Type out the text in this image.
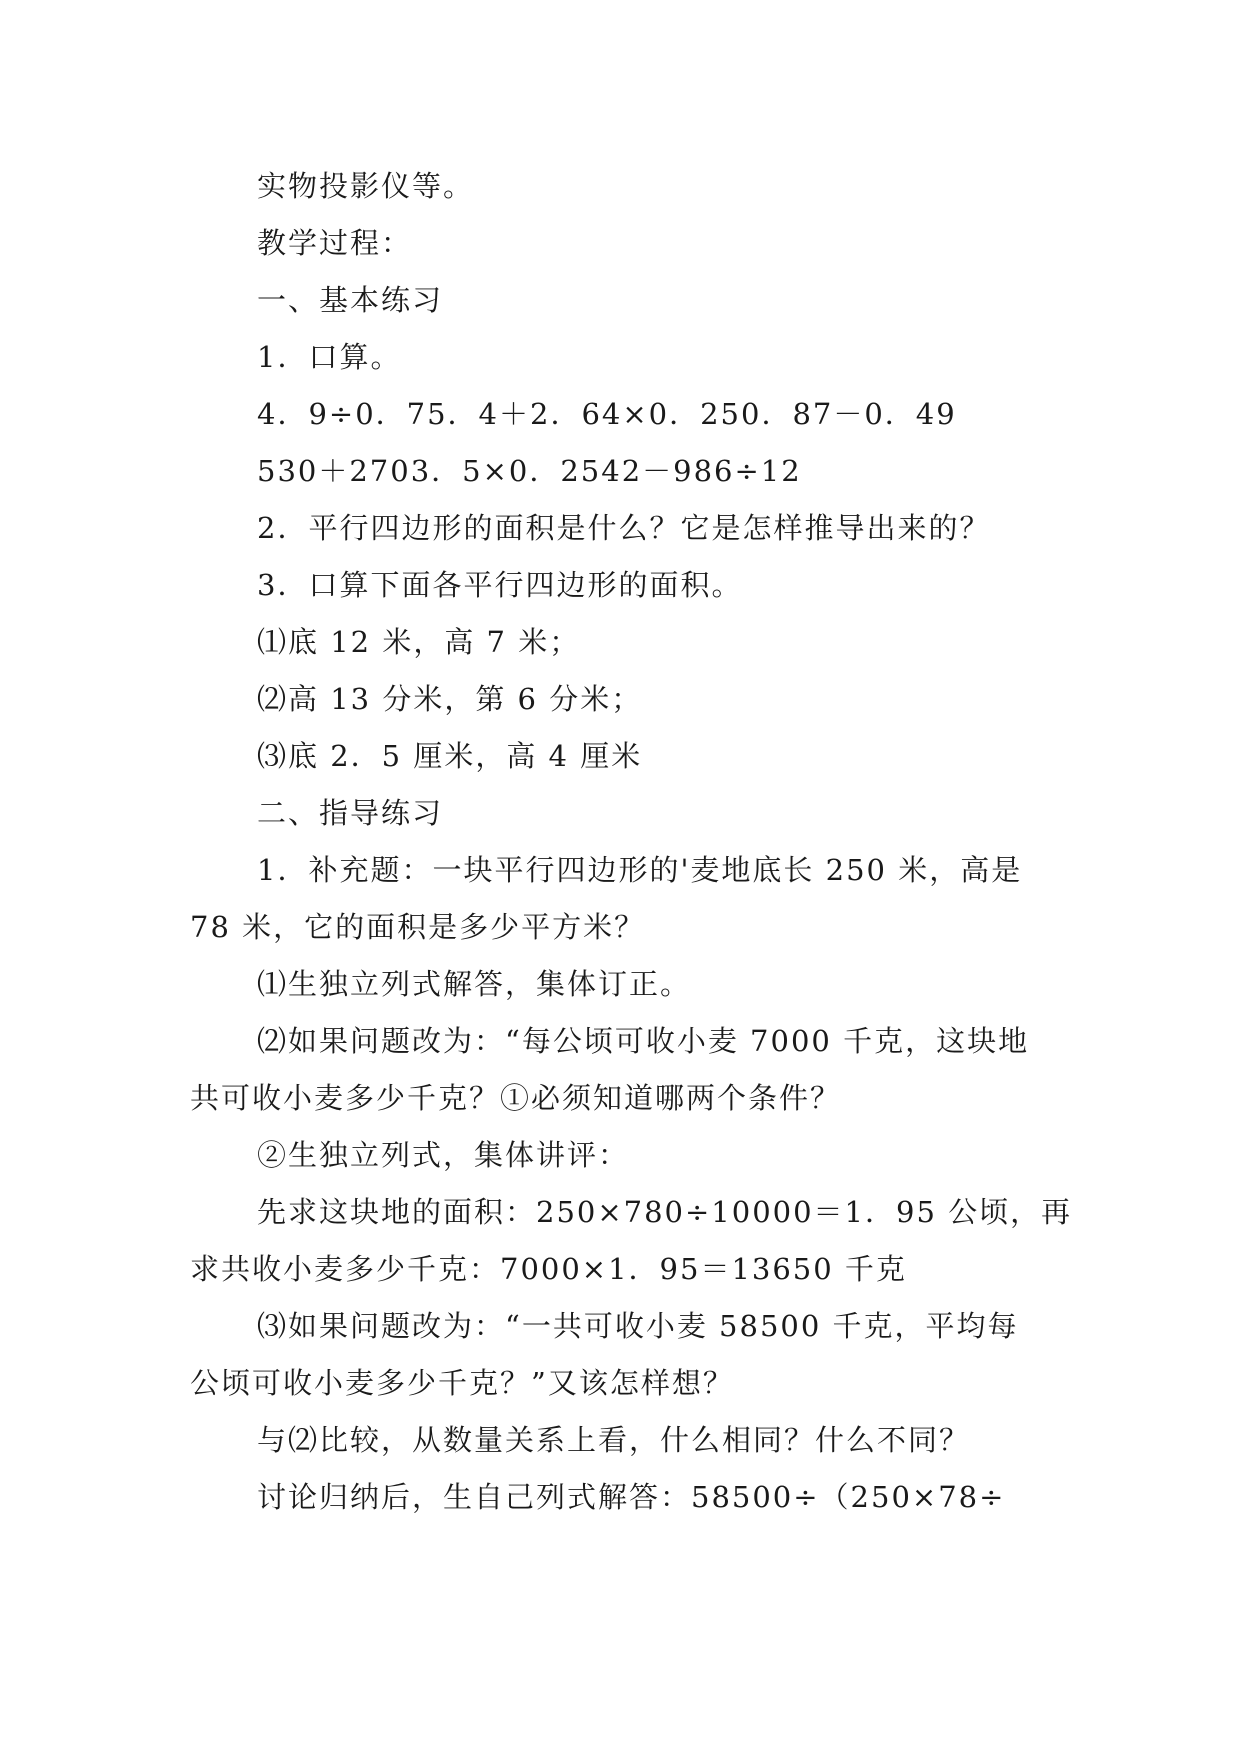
实物投影仪等。
教学过程：
一、基本练习
1．口算。
4．9÷0．75．4＋2．64×0．250．87－0．49
530＋2703．5×0．2542－986÷12
2．平行四边形的面积是什么？它是怎样推导出来的？
3．口算下面各平行四边形的面积。
⑴底 12 米，高 7 米；
⑵高 13 分米，第 6 分米；
⑶底 2．5 厘米，高 4 厘米
二、指导练习
1．补充题：一块平行四边形的'麦地底长 250 米，高是
78 米，它的面积是多少平方米？
⑴生独立列式解答，集体订正。
⑵如果问题改为：“每公顷可收小麦 7000 千克，这块地
共可收小麦多少千克？①必须知道哪两个条件？
②生独立列式，集体讲评：
先求这块地的面积：250×780÷10000＝1．95 公顷，再
求共收小麦多少千克：7000×1．95＝13650 千克
⑶如果问题改为：“一共可收小麦 58500 千克，平均每
公顷可收小麦多少千克？”又该怎样想？
与⑵比较，从数量关系上看，什么相同？什么不同？
讨论归纳后，生自己列式解答：58500÷（250×78÷
